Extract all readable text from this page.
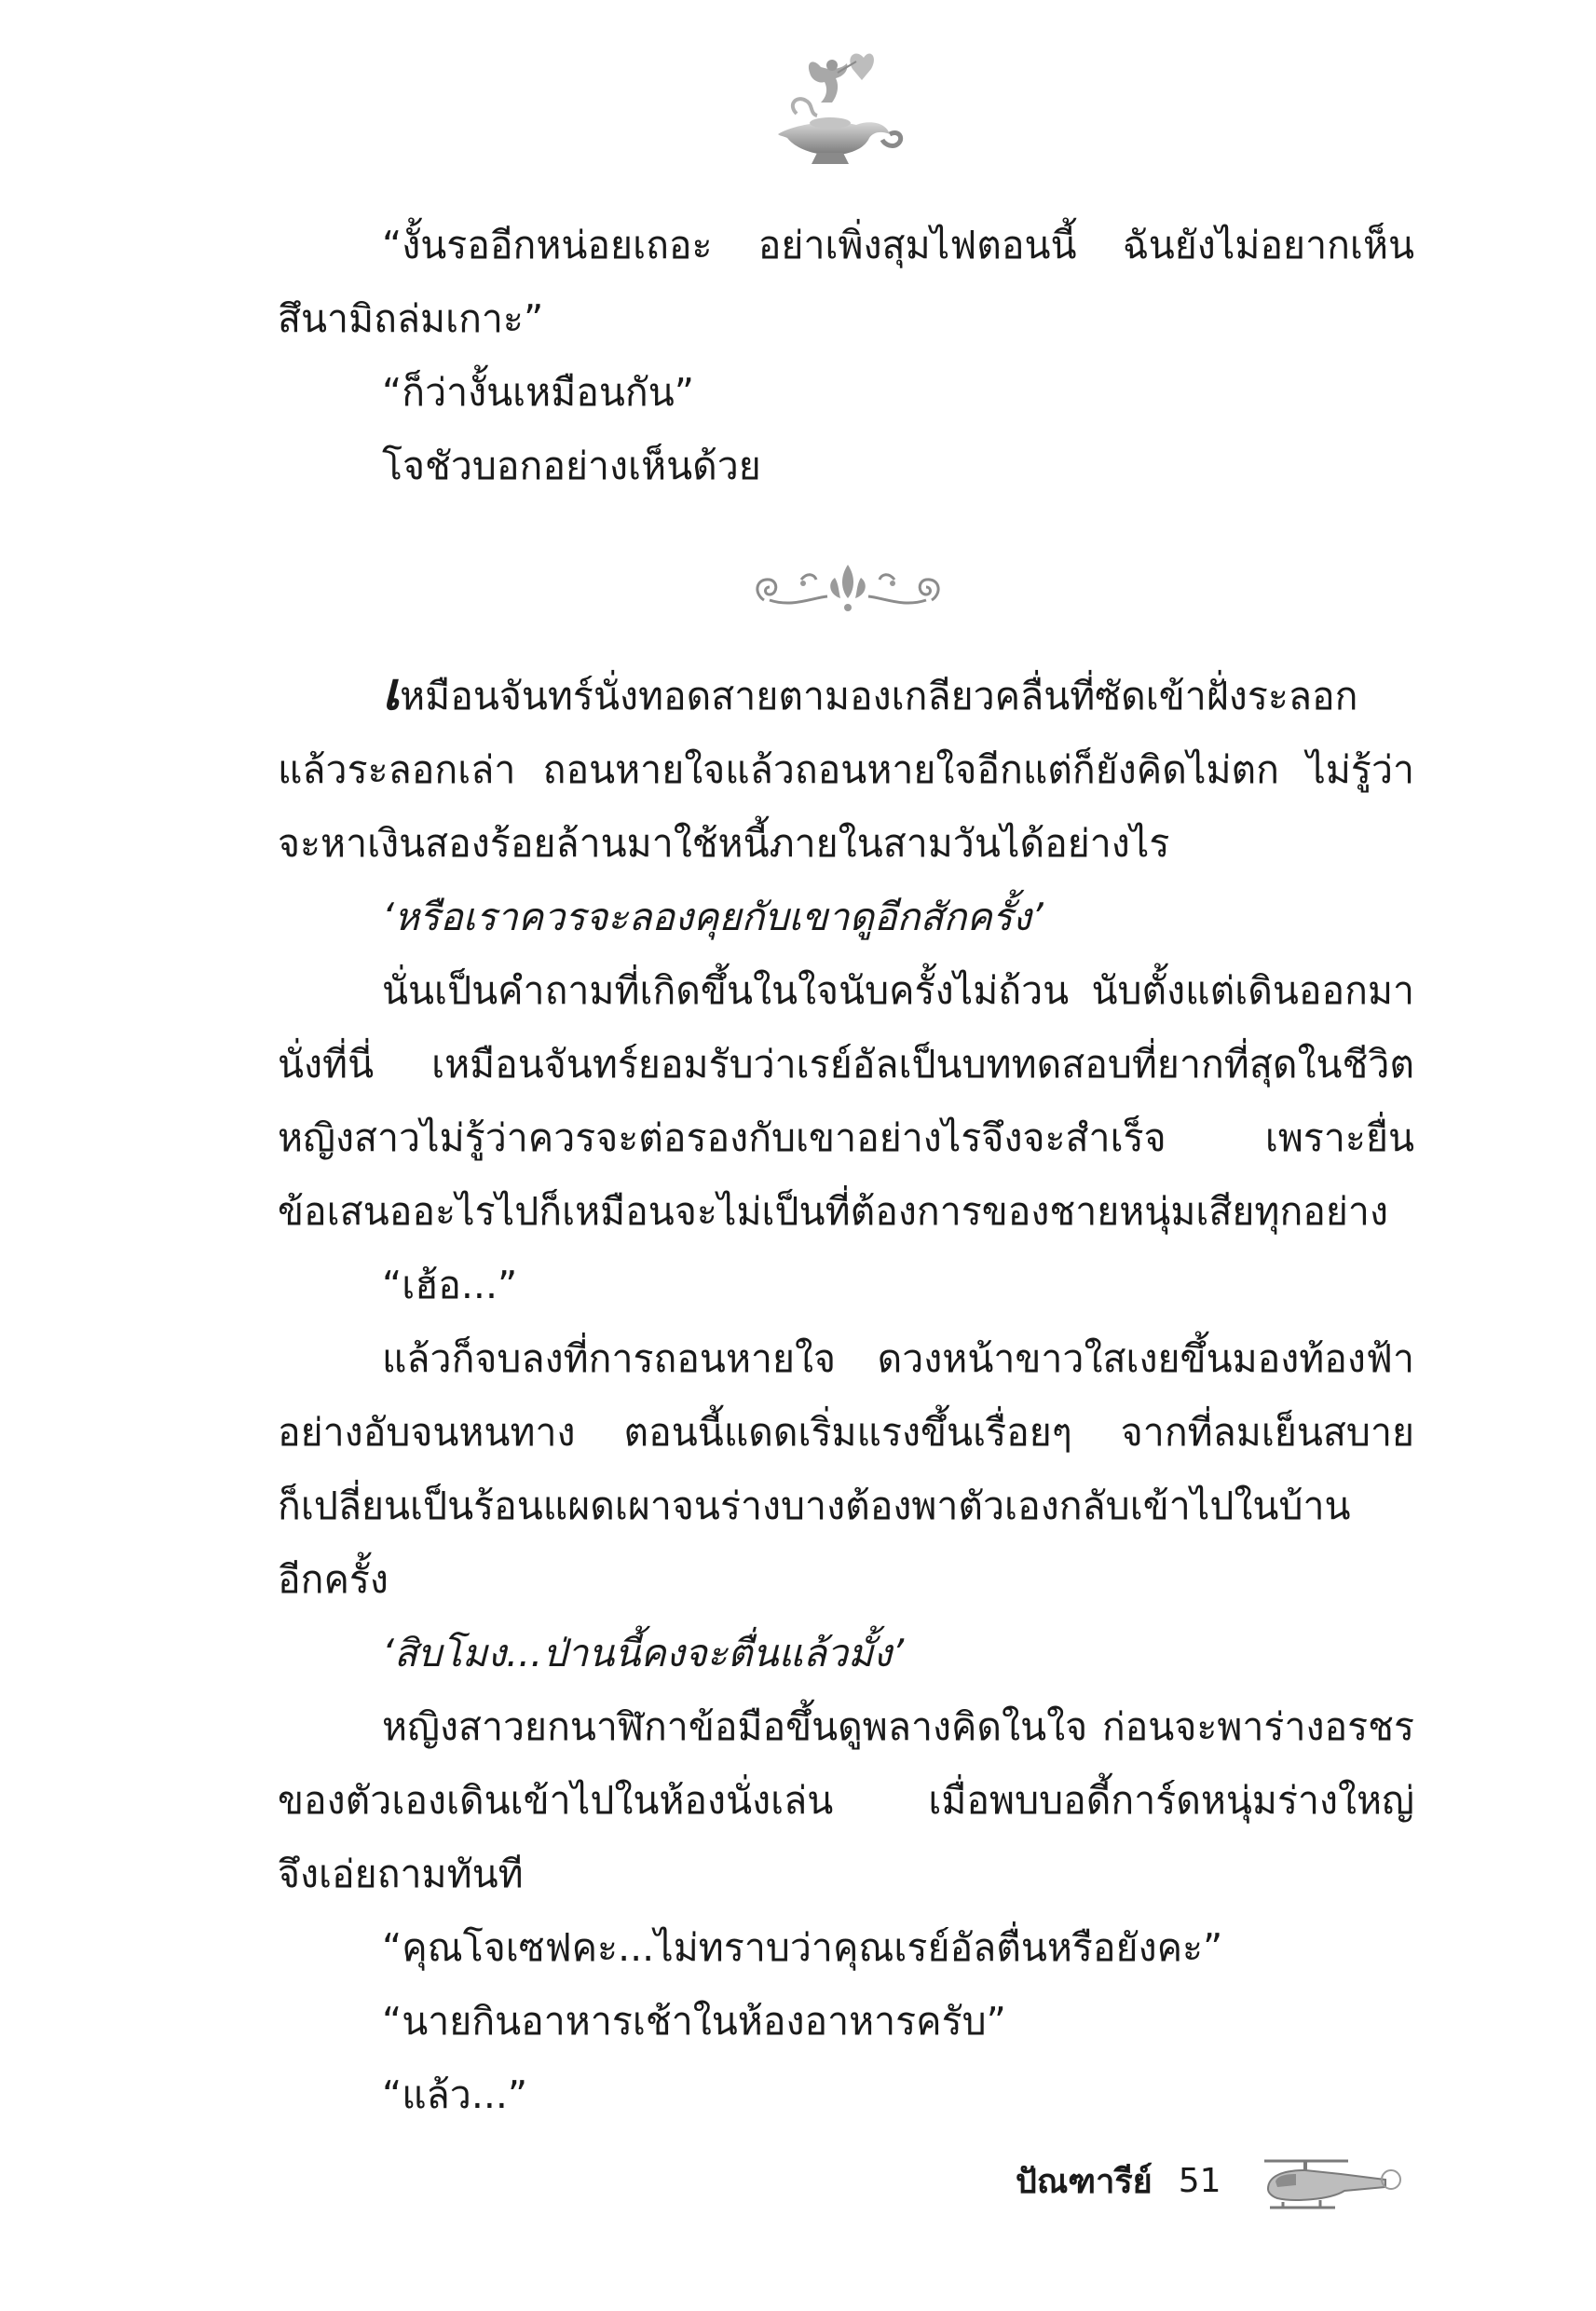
“งั้นรออีกหน่อยเถอะ อย่าเพิ่งสุมไฟตอนนี้ ฉันยังไม่อยากเห็น
สึนามิถล่มเกาะ”
“ก็ว่างั้นเหมือนกัน”
โจชัวบอกอย่างเห็นด้วย
เหมือนจันทร์นั่งทอดสายตามองเกลียวคลื่นที่ซัดเข้าฝั่งระลอก
แล้วระลอกเล่า ถอนหายใจแล้วถอนหายใจอีกแต่ก็ยังคิดไม่ตก ไม่รู้ว่า
จะหาเงินสองร้อยล้านมาใช้หนี้ภายในสามวันได้อย่างไร
‘หรือเราควรจะลองคุยกับเขาดูอีกสักครั้ง’
นั่นเป็นคำถามที่เกิดขึ้นในใจนับครั้งไม่ถ้วน นับตั้งแต่เดินออกมา
นั่งที่นี่ เหมือนจันทร์ยอมรับว่าเรย์อัลเป็นบททดสอบที่ยากที่สุดในชีวิต
หญิงสาวไม่รู้ว่าควรจะต่อรองกับเขาอย่างไรจึงจะสำเร็จ เพราะยื่น
ข้อเสนออะไรไปก็เหมือนจะไม่เป็นที่ต้องการของชายหนุ่มเสียทุกอย่าง
“เฮ้อ...”
แล้วก็จบลงที่การถอนหายใจ ดวงหน้าขาวใสเงยขึ้นมองท้องฟ้า
อย่างอับจนหนทาง ตอนนี้แดดเริ่มแรงขึ้นเรื่อยๆ จากที่ลมเย็นสบาย
ก็เปลี่ยนเป็นร้อนแผดเผาจนร่างบางต้องพาตัวเองกลับเข้าไปในบ้าน
อีกครั้ง
‘สิบโมง...ป่านนี้คงจะตื่นแล้วมั้ง’
หญิงสาวยกนาฬิกาข้อมือขึ้นดูพลางคิดในใจ ก่อนจะพาร่างอรชร
ของตัวเองเดินเข้าไปในห้องนั่งเล่น เมื่อพบบอดี้การ์ดหนุ่มร่างใหญ่
จึงเอ่ยถามทันที
“คุณโจเซฟคะ...ไม่ทราบว่าคุณเรย์อัลตื่นหรือยังคะ”
“นายกินอาหารเช้าในห้องอาหารครับ”
“แล้ว...”
ปัณฑารีย์ 51
